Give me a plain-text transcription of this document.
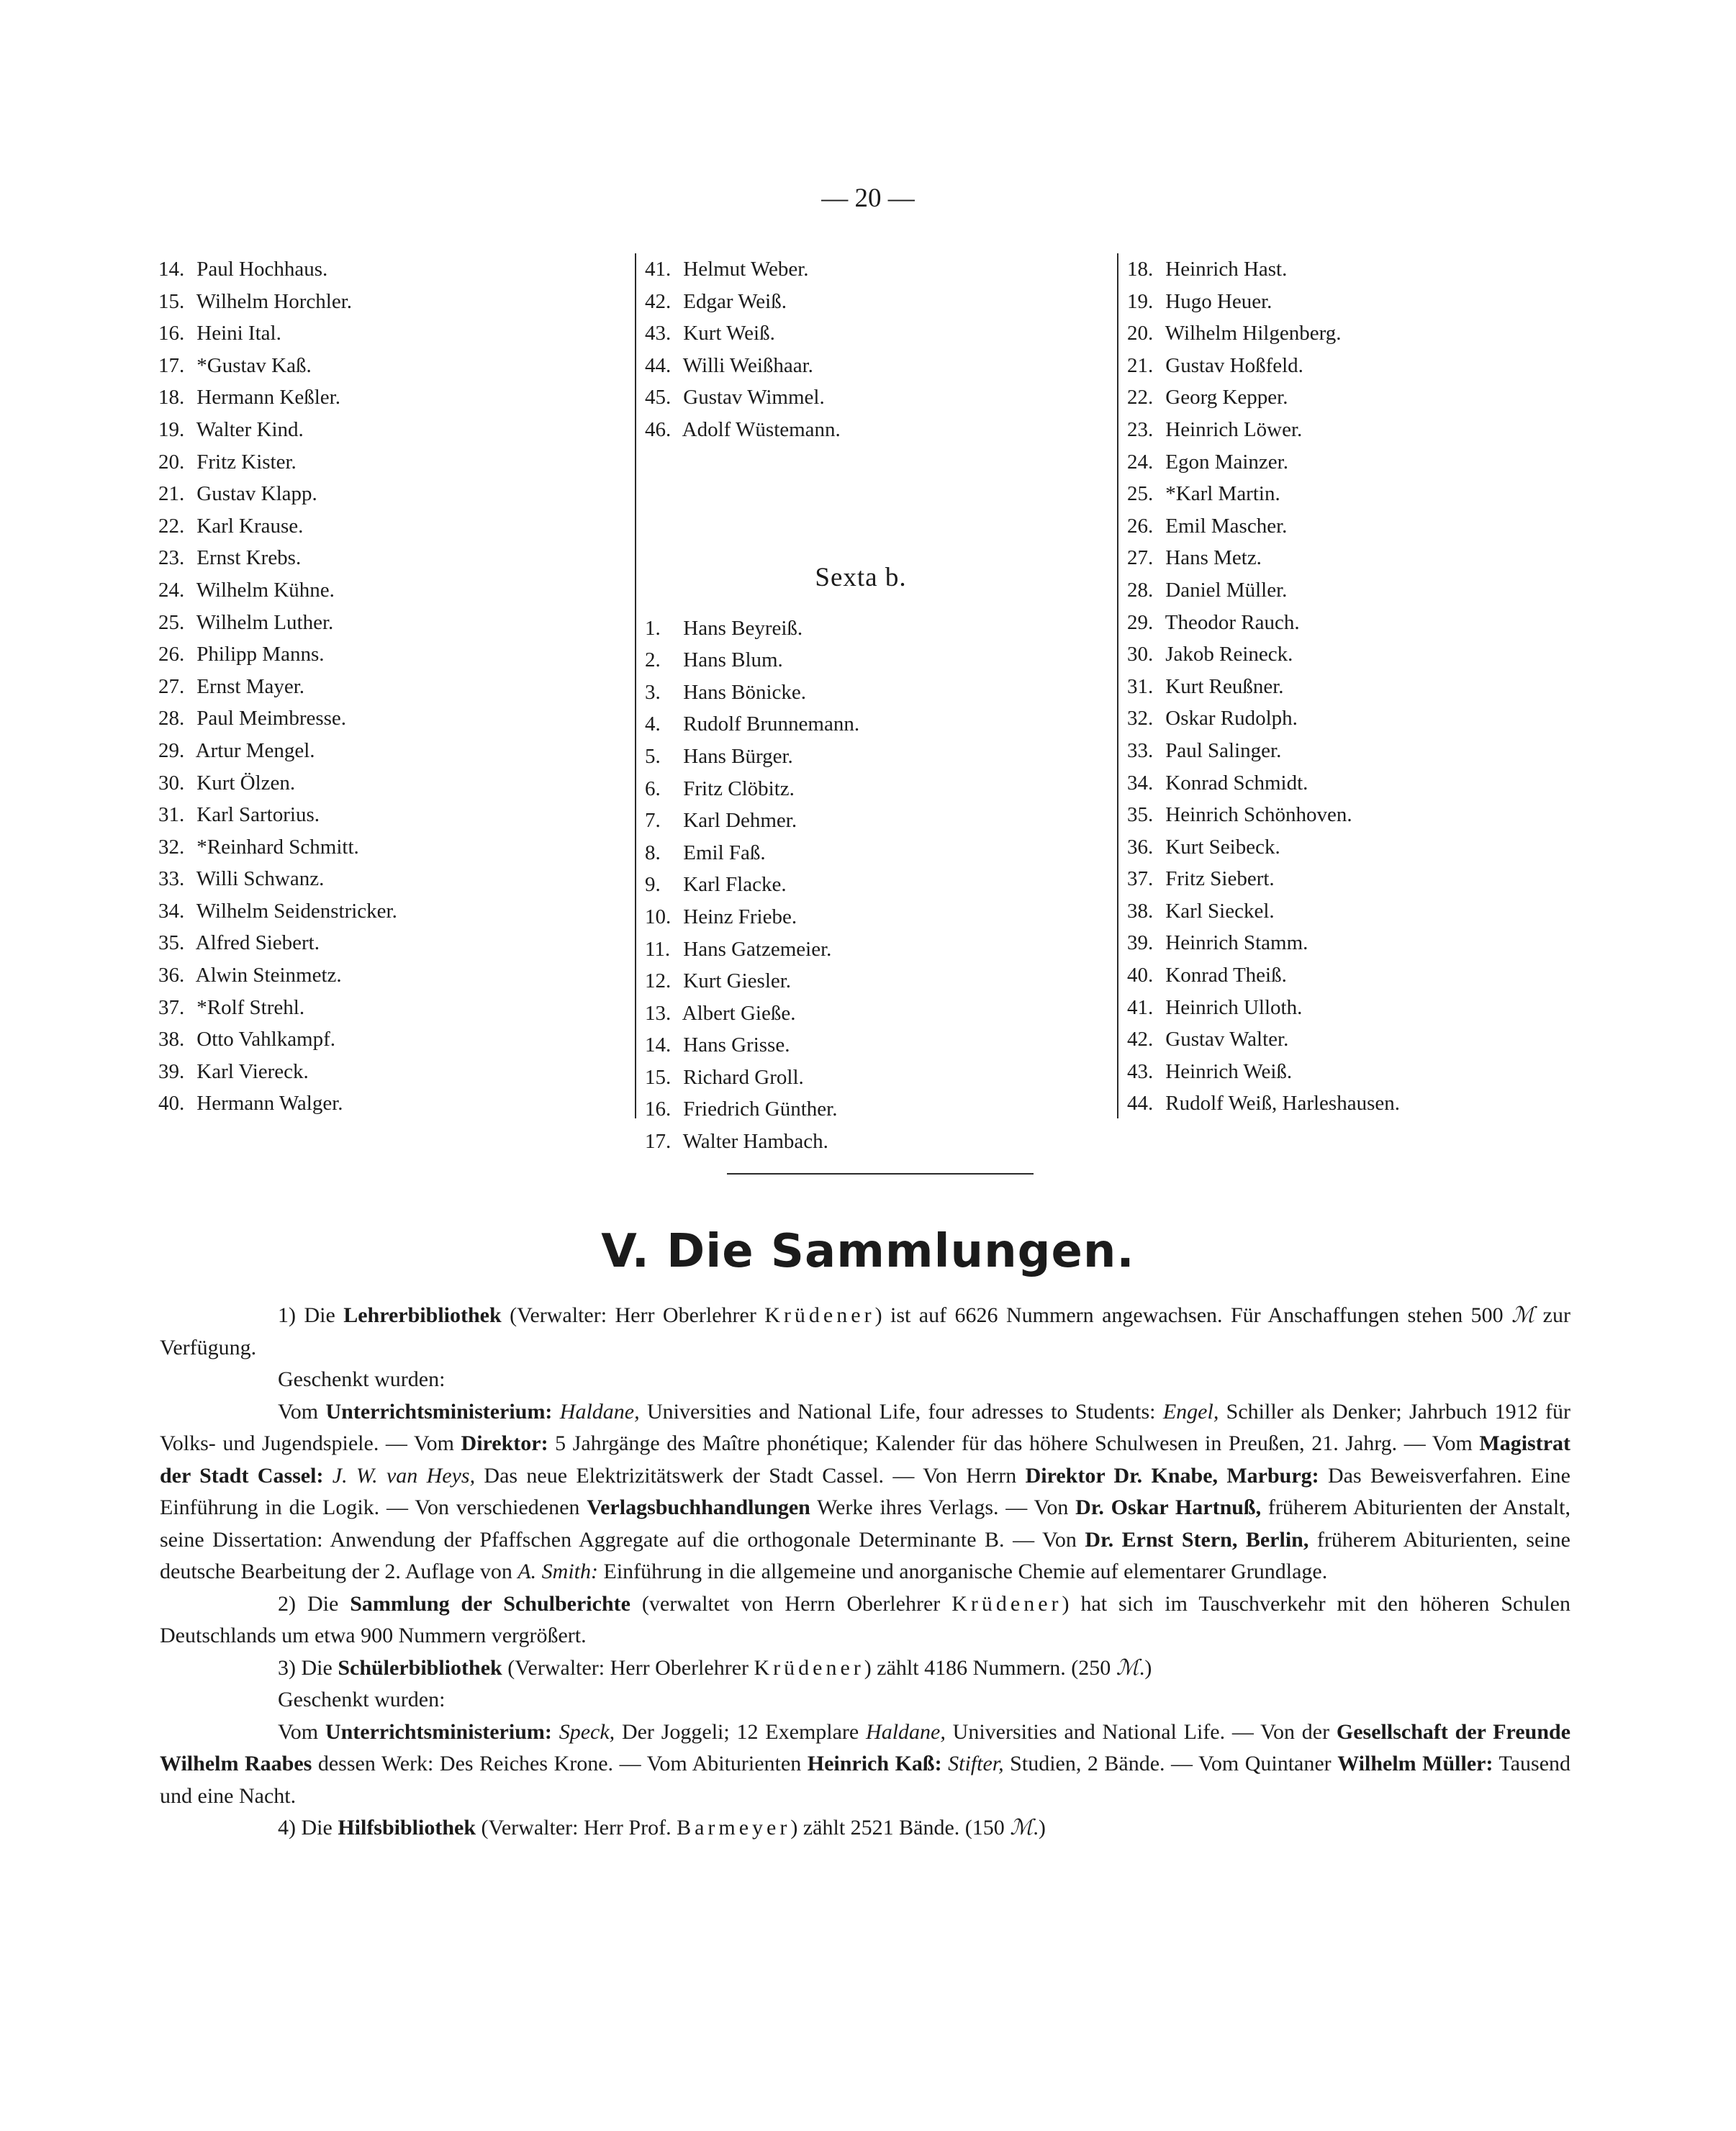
— 20 —
14. Paul Hochhaus.
15. Wilhelm Horchler.
16. Heini Ital.
17. *Gustav Kaß.
18. Hermann Keßler.
19. Walter Kind.
20. Fritz Kister.
21. Gustav Klapp.
22. Karl Krause.
23. Ernst Krebs.
24. Wilhelm Kühne.
25. Wilhelm Luther.
26. Philipp Manns.
27. Ernst Mayer.
28. Paul Meimbresse.
29. Artur Mengel.
30. Kurt Ölzen.
31. Karl Sartorius.
32. *Reinhard Schmitt.
33. Willi Schwanz.
34. Wilhelm Seidenstricker.
35. Alfred Siebert.
36. Alwin Steinmetz.
37. *Rolf Strehl.
38. Otto Vahlkampf.
39. Karl Viereck.
40. Hermann Walger.
41. Helmut Weber.
42. Edgar Weiß.
43. Kurt Weiß.
44. Willi Weißhaar.
45. Gustav Wimmel.
46. Adolf Wüstemann.
Sexta b.
1. Hans Beyreiß.
2. Hans Blum.
3. Hans Bönicke.
4. Rudolf Brunnemann.
5. Hans Bürger.
6. Fritz Clöbitz.
7. Karl Dehmer.
8. Emil Faß.
9. Karl Flacke.
10. Heinz Friebe.
11. Hans Gatzemeier.
12. Kurt Giesler.
13. Albert Gieße.
14. Hans Grisse.
15. Richard Groll.
16. Friedrich Günther.
17. Walter Hambach.
18. Heinrich Hast.
19. Hugo Heuer.
20. Wilhelm Hilgenberg.
21. Gustav Hoßfeld.
22. Georg Kepper.
23. Heinrich Löwer.
24. Egon Mainzer.
25. *Karl Martin.
26. Emil Mascher.
27. Hans Metz.
28. Daniel Müller.
29. Theodor Rauch.
30. Jakob Reineck.
31. Kurt Reußner.
32. Oskar Rudolph.
33. Paul Salinger.
34. Konrad Schmidt.
35. Heinrich Schönhoven.
36. Kurt Seibeck.
37. Fritz Siebert.
38. Karl Sieckel.
39. Heinrich Stamm.
40. Konrad Theiß.
41. Heinrich Ulloth.
42. Gustav Walter.
43. Heinrich Weiß.
44. Rudolf Weiß, Harleshausen.
V. Die Sammlungen.
1) Die Lehrerbibliothek (Verwalter: Herr Oberlehrer Krüdener) ist auf 6626 Nummern angewachsen. Für Anschaffungen stehen 500 ℳ zur Verfügung.
Geschenkt wurden:
Vom Unterrichtsministerium: Haldane, Universities and National Life, four adresses to Students: Engel, Schiller als Denker; Jahrbuch 1912 für Volks- und Jugendspiele. — Vom Direktor: 5 Jahrgänge des Maître phonétique; Kalender für das höhere Schulwesen in Preußen, 21. Jahrg. — Vom Magistrat der Stadt Cassel: J. W. van Heys, Das neue Elektrizitätswerk der Stadt Cassel. — Von Herrn Direktor Dr. Knabe, Marburg: Das Beweisverfahren. Eine Einführung in die Logik. — Von verschiedenen Verlagsbuchhandlungen Werke ihres Verlags. — Von Dr. Oskar Hartnuß, früherem Abiturienten der Anstalt, seine Dissertation: Anwendung der Pfaffschen Aggregate auf die orthogonale Determinante B. — Von Dr. Ernst Stern, Berlin, früherem Abiturienten, seine deutsche Bearbeitung der 2. Auflage von A. Smith: Einführung in die allgemeine und anorganische Chemie auf elementarer Grundlage.
2) Die Sammlung der Schulberichte (verwaltet von Herrn Oberlehrer Krüdener) hat sich im Tauschverkehr mit den höheren Schulen Deutschlands um etwa 900 Nummern vergrößert.
3) Die Schülerbibliothek (Verwalter: Herr Oberlehrer Krüdener) zählt 4186 Nummern. (250 ℳ.)
Geschenkt wurden:
Vom Unterrichtsministerium: Speck, Der Joggeli; 12 Exemplare Haldane, Universities and National Life. — Von der Gesellschaft der Freunde Wilhelm Raabes dessen Werk: Des Reiches Krone. — Vom Abiturienten Heinrich Kaß: Stifter, Studien, 2 Bände. — Vom Quintaner Wilhelm Müller: Tausend und eine Nacht.
4) Die Hilfsbibliothek (Verwalter: Herr Prof. Barmeyer) zählt 2521 Bände. (150 ℳ.)
